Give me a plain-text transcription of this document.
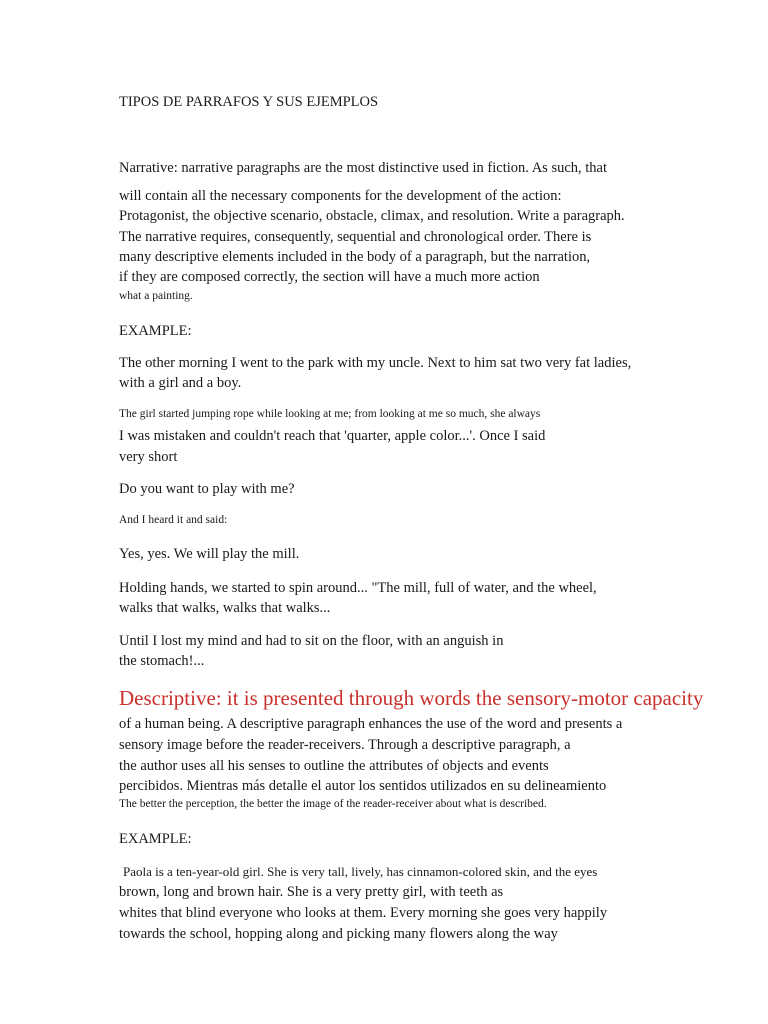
TIPOS DE PARRAFOS Y SUS EJEMPLOS
Narrative: narrative paragraphs are the most distinctive used in fiction. As such, that
will contain all the necessary components for the development of the action:
Protagonist, the objective scenario, obstacle, climax, and resolution. Write a paragraph.
The narrative requires, consequently, sequential and chronological order. There is
many descriptive elements included in the body of a paragraph, but the narration,
if they are composed correctly, the section will have a much more action
what a painting.
EXAMPLE:
The other morning I went to the park with my uncle. Next to him sat two very fat ladies,
with a girl and a boy.
The girl started jumping rope while looking at me; from looking at me so much, she always
I was mistaken and couldn't reach that 'quarter, apple color...'. Once I said
very short
Do you want to play with me?
And I heard it and said:
Yes, yes. We will play the mill.
Holding hands, we started to spin around... "The mill, full of water, and the wheel,
walks that walks, walks that walks...
Until I lost my mind and had to sit on the floor, with an anguish in
the stomach!...
Descriptive: it is presented through words the sensory-motor capacity
of a human being. A descriptive paragraph enhances the use of the word and presents a
sensory image before the reader-receivers. Through a descriptive paragraph, a
the author uses all his senses to outline the attributes of objects and events
percibidos. Mientras más detalle el autor los sentidos utilizados en su delineamiento
The better the perception, the better the image of the reader-receiver about what is described.
EXAMPLE:
Paola is a ten-year-old girl. She is very tall, lively, has cinnamon-colored skin, and the eyes
brown, long and brown hair. She is a very pretty girl, with teeth as
whites that blind everyone who looks at them. Every morning she goes very happily
towards the school, hopping along and picking many flowers along the way
